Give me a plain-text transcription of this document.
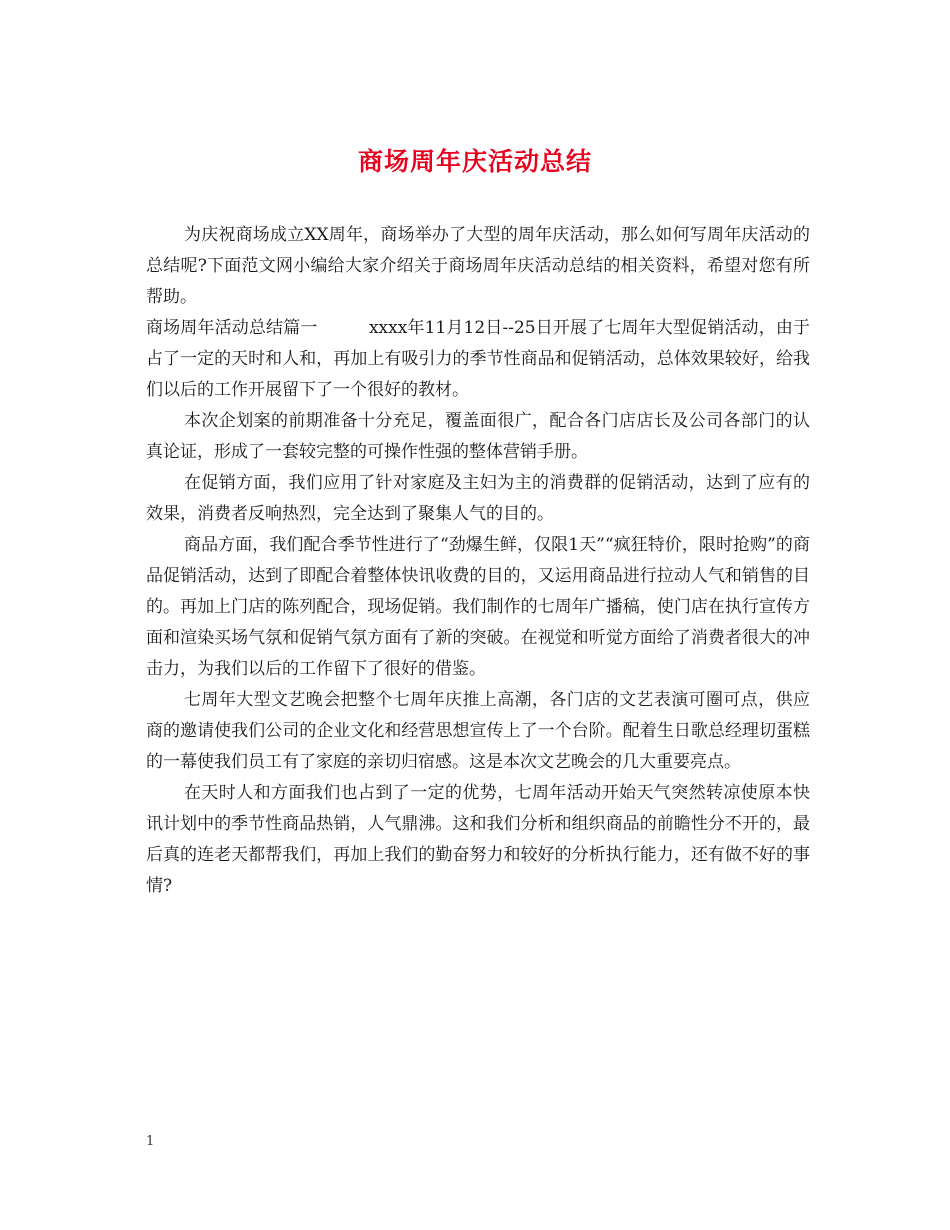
商场周年庆活动总结

为庆祝商场成立XX周年，商场举办了大型的周年庆活动，那么如何写周年庆活动的总结呢?下面范文网小编给大家介绍关于商场周年庆活动总结的相关资料，希望对您有所帮助。

商场周年活动总结篇一　　　xxxx年11月12日--25日开展了七周年大型促销活动，由于占了一定的天时和人和，再加上有吸引力的季节性商品和促销活动，总体效果较好，给我们以后的工作开展留下了一个很好的教材。

本次企划案的前期准备十分充足，覆盖面很广，配合各门店店长及公司各部门的认真论证，形成了一套较完整的可操作性强的整体营销手册。

在促销方面，我们应用了针对家庭及主妇为主的消费群的促销活动，达到了应有的效果，消费者反响热烈，完全达到了聚集人气的目的。

商品方面，我们配合季节性进行了“劲爆生鲜，仅限1天”“疯狂特价，限时抢购”的商品促销活动，达到了即配合着整体快讯收费的目的，又运用商品进行拉动人气和销售的目的。再加上门店的陈列配合，现场促销。我们制作的七周年广播稿，使门店在执行宣传方面和渲染买场气氛和促销气氛方面有了新的突破。在视觉和听觉方面给了消费者很大的冲击力，为我们以后的工作留下了很好的借鉴。

七周年大型文艺晚会把整个七周年庆推上高潮，各门店的文艺表演可圈可点，供应商的邀请使我们公司的企业文化和经营思想宣传上了一个台阶。配着生日歌总经理切蛋糕的一幕使我们员工有了家庭的亲切归宿感。这是本次文艺晚会的几大重要亮点。

在天时人和方面我们也占到了一定的优势，七周年活动开始天气突然转凉使原本快讯计划中的季节性商品热销，人气鼎沸。这和我们分析和组织商品的前瞻性分不开的，最后真的连老天都帮我们，再加上我们的勤奋努力和较好的分析执行能力，还有做不好的事情?

1
